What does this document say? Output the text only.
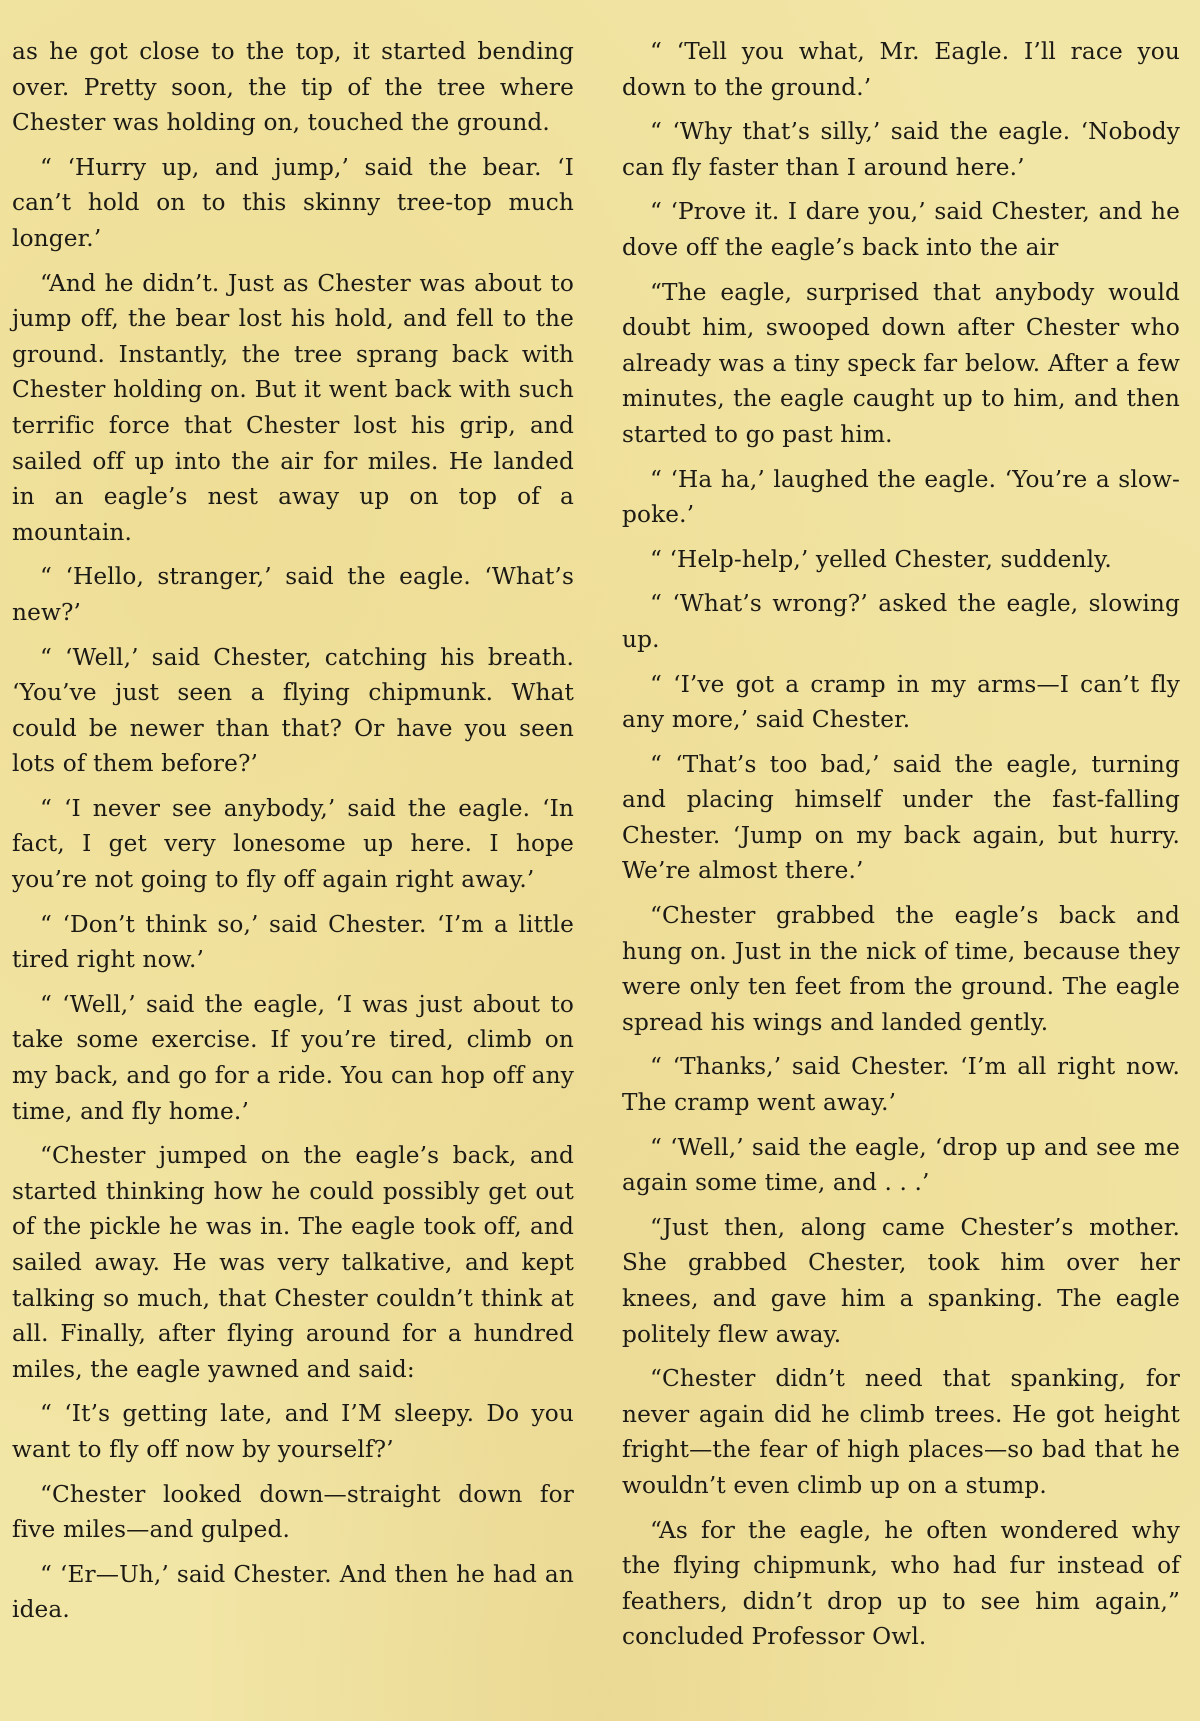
as he got close to the top, it started bending over. Pretty soon, the tip of the tree where Chester was holding on, touched the ground.

“ ‘Hurry up, and jump,’ said the bear. ‘I can’t hold on to this skinny tree-top much longer.’

“And he didn’t. Just as Chester was about to jump off, the bear lost his hold, and fell to the ground. Instantly, the tree sprang back with Chester holding on. But it went back with such terrific force that Chester lost his grip, and sailed off up into the air for miles. He landed in an eagle’s nest away up on top of a mountain.

“ ‘Hello, stranger,’ said the eagle. ‘What’s new?’

“ ‘Well,’ said Chester, catching his breath. ‘You’ve just seen a flying chipmunk. What could be newer than that? Or have you seen lots of them before?’

“ ‘I never see anybody,’ said the eagle. ‘In fact, I get very lonesome up here. I hope you’re not going to fly off again right away.’

“ ‘Don’t think so,’ said Chester. ‘I’m a little tired right now.’

“ ‘Well,’ said the eagle, ‘I was just about to take some exercise. If you’re tired, climb on my back, and go for a ride. You can hop off any time, and fly home.’

“Chester jumped on the eagle’s back, and started thinking how he could possibly get out of the pickle he was in. The eagle took off, and sailed away. He was very talkative, and kept talking so much, that Chester couldn’t think at all. Finally, after flying around for a hundred miles, the eagle yawned and said:

“ ‘It’s getting late, and I’M sleepy. Do you want to fly off now by yourself?’

“Chester looked down—straight down for five miles—and gulped.

“ ‘Er—Uh,’ said Chester. And then he had an idea.

“ ‘Tell you what, Mr. Eagle. I’ll race you down to the ground.’

“ ‘Why that’s silly,’ said the eagle. ‘Nobody can fly faster than I around here.’

“ ‘Prove it. I dare you,’ said Chester, and he dove off the eagle’s back into the air

“The eagle, surprised that anybody would doubt him, swooped down after Chester who already was a tiny speck far below. After a few minutes, the eagle caught up to him, and then started to go past him.

“ ‘Ha ha,’ laughed the eagle. ‘You’re a slow-poke.’

“ ‘Help-help,’ yelled Chester, suddenly.

“ ‘What’s wrong?’ asked the eagle, slowing up.

“ ‘I’ve got a cramp in my arms—I can’t fly any more,’ said Chester.

“ ‘That’s too bad,’ said the eagle, turning and placing himself under the fast-falling Chester. ‘Jump on my back again, but hurry. We’re almost there.’

“Chester grabbed the eagle’s back and hung on. Just in the nick of time, because they were only ten feet from the ground. The eagle spread his wings and landed gently.

“ ‘Thanks,’ said Chester. ‘I’m all right now. The cramp went away.’

“ ‘Well,’ said the eagle, ‘drop up and see me again some time, and . . .’

“Just then, along came Chester’s mother. She grabbed Chester, took him over her knees, and gave him a spanking. The eagle politely flew away.

“Chester didn’t need that spanking, for never again did he climb trees. He got height fright—the fear of high places—so bad that he wouldn’t even climb up on a stump.

“As for the eagle, he often wondered why the flying chipmunk, who had fur instead of feathers, didn’t drop up to see him again,” concluded Professor Owl.
